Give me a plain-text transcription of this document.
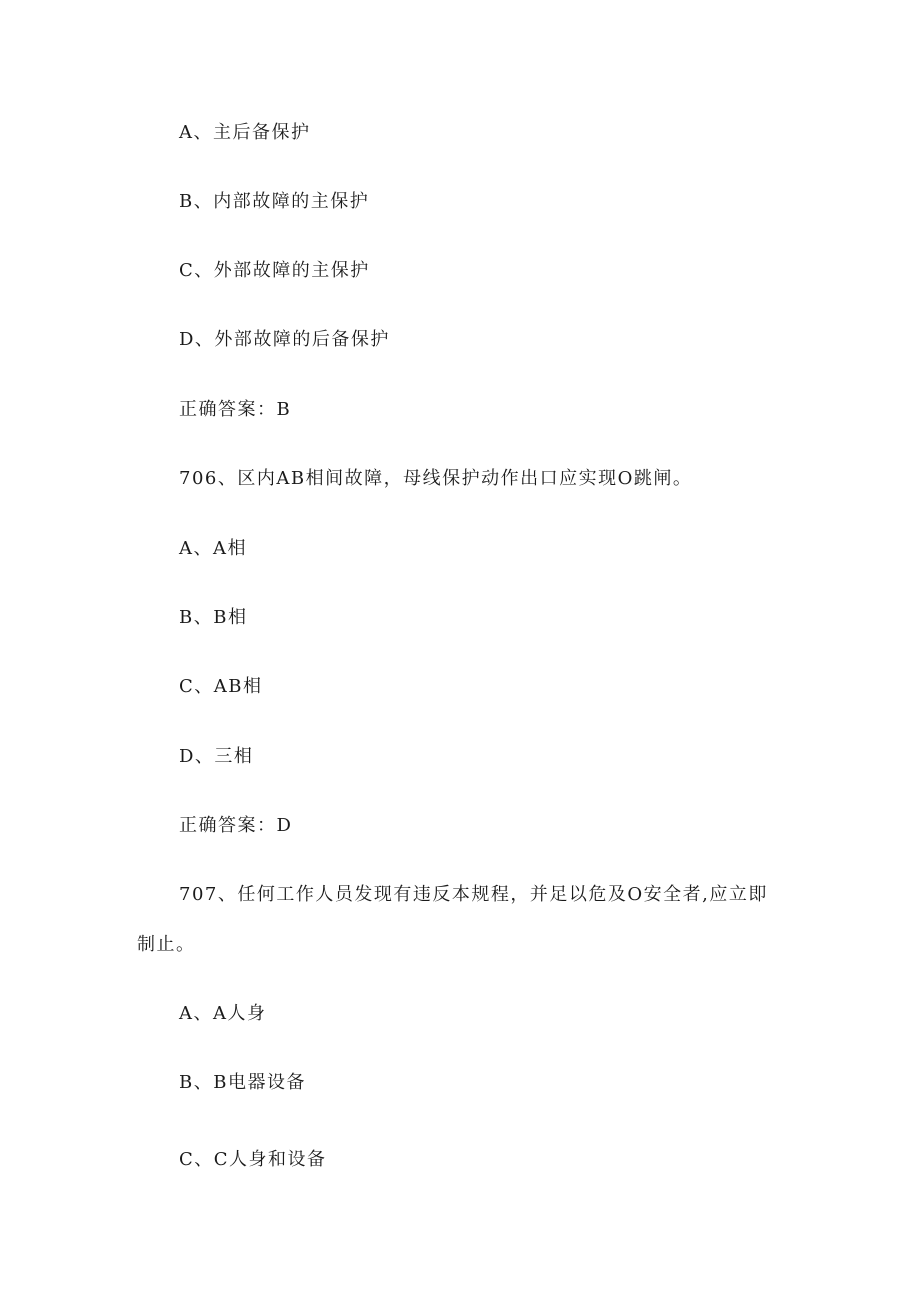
A、主后备保护
B、内部故障的主保护
C、外部故障的主保护
D、外部故障的后备保护
正确答案：B
706、区内AB相间故障，母线保护动作出口应实现O跳闸。
A、A相
B、B相
C、AB相
D、三相
正确答案：D
707、任何工作人员发现有违反本规程，并足以危及O安全者,应立即
制止。
A、A人身
B、B电器设备
C、C人身和设备
